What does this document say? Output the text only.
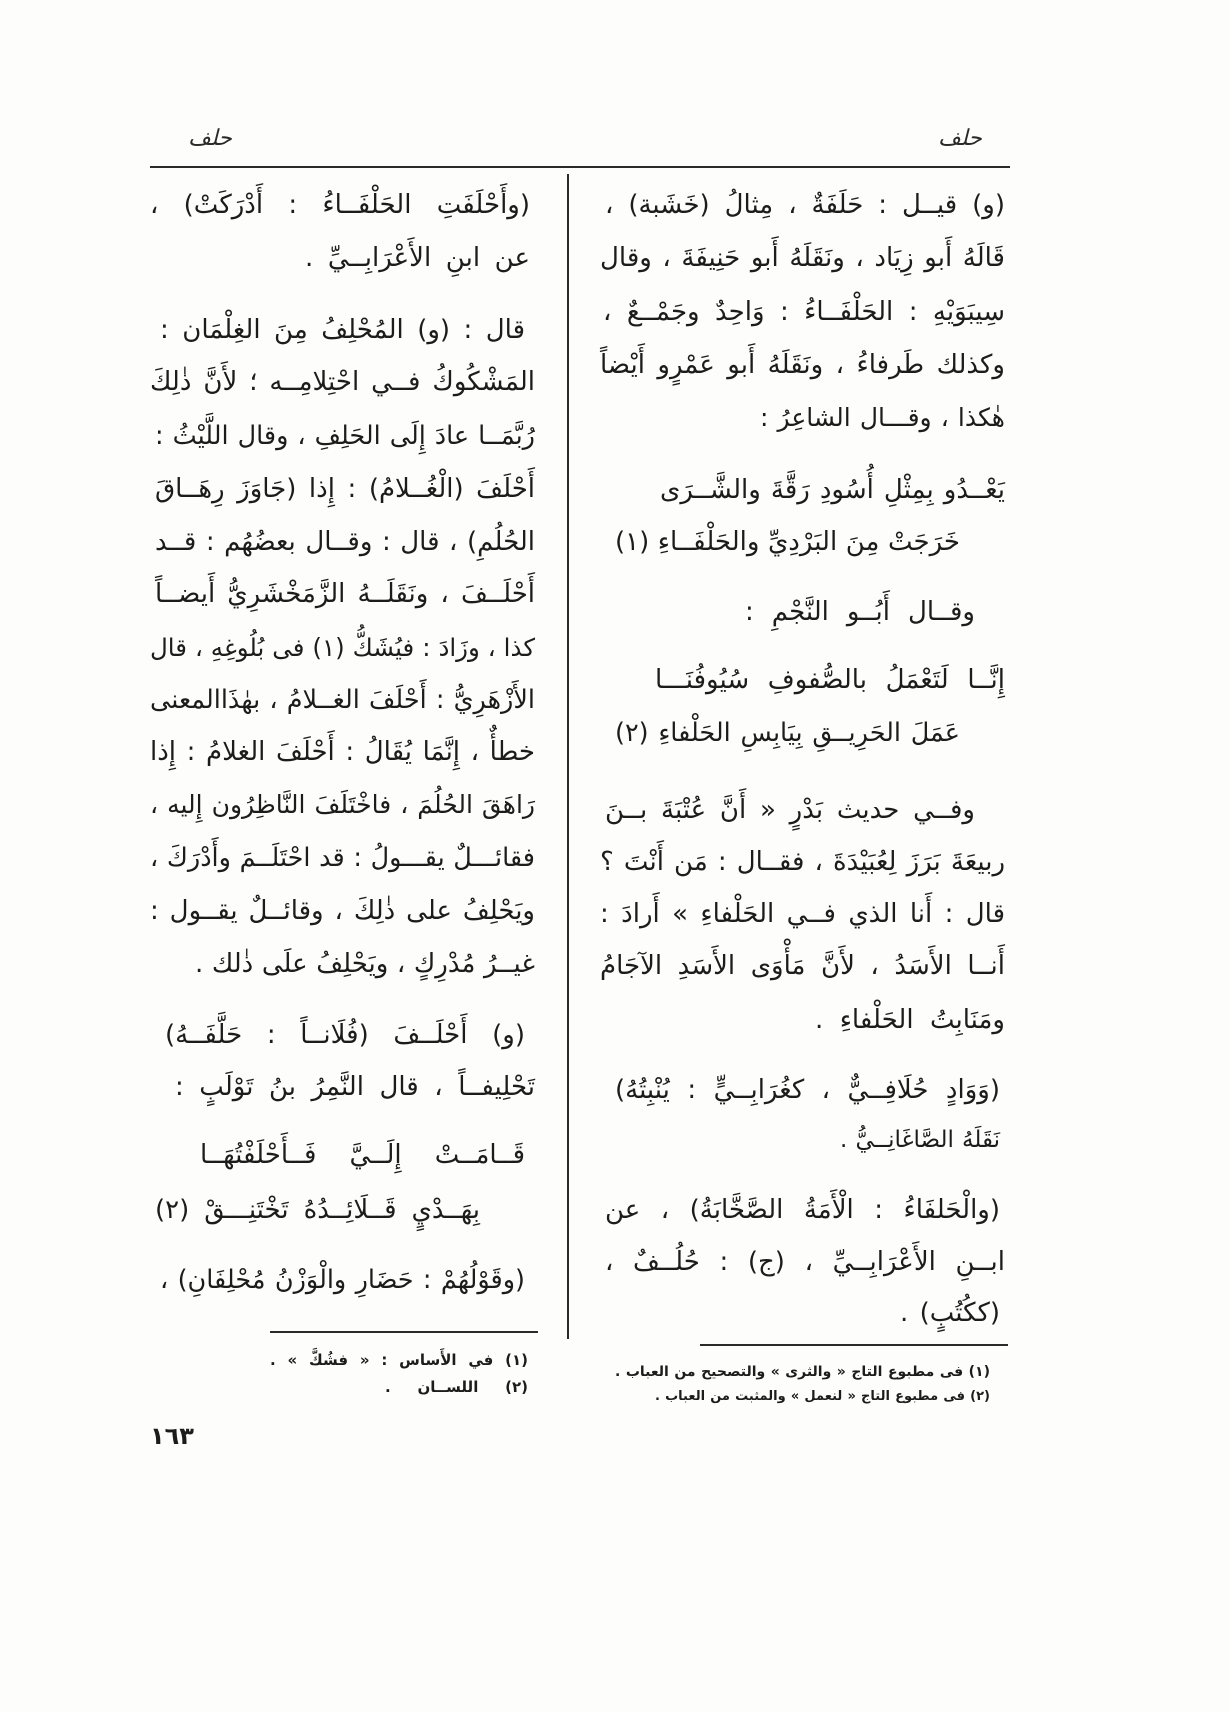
حلف
حلف
(و) قيــل : حَلَفَةٌ ، مِثالُ (خَشَبة) ،
قَالَهُ أَبو زِيَاد ، ونَقَلَهُ أَبو حَنِيفَةَ ، وقال
سِيبَوَيْهِ : الحَلْفَــاءُ : وَاحِدٌ وجَمْــعٌ ،
وكذلك طَرفاءُ ، ونَقَلَهُ أَبو عَمْرٍو أَيْضاً
هٰكذا ، وقـــال الشاعِرُ :
يَعْــدُو بِمِثْلِ أُسُودِ رَقَّةَ والشَّــرَى
خَرَجَتْ مِنَ البَرْدِيِّ والحَلْفَــاءِ (١)
وقــال أَبُــو النَّجْمِ :
إِنَّــا لَتَعْمَلُ بالصُّفوفِ سُيُوفُنَـــا
عَمَلَ الحَرِيــقِ بِيَابِسِ الحَلْفاءِ (٢)
وفــي حديث بَدْرٍ « أَنَّ عُتْبَةَ بــنَ
ربيعَةَ بَرَزَ لِعُبَيْدَةَ ، فقــال : مَن أَنْتَ ؟
قال : أَنا الذي فــي الحَلْفاءِ » أَرادَ :
أَنــا الأَسَدُ ، لأَنَّ مَأْوَى الأَسَدِ الآجَامُ
ومَنَابِتُ الحَلْفاءِ .
(وَوَادٍ حُلَافِــيٌّ ، كغُرَابِــيٍّ : يُنْبِتُهُ)
نَقَلَهُ الصَّاغَانِــيُّ .
(والْحَلفَاءُ : الْأَمَةُ الصَّخَّابَةُ) ، عن
ابــنِ الأَعْرَابِــيِّ ، (ج) : حُلُــفٌ ،
(ككُتُبٍ) .
(١) فى مطبوع التاج « والثرى » والتصحيح من العباب .
(٢) فى مطبوع التاج « لنعمل » والمثبت من العباب .
(وأَحْلَفَتِ الحَلْفَــاءُ : أَدْرَكَتْ) ،
عن ابنِ الأَعْرَابِــيِّ .
قال : (و) المُحْلِفُ مِنَ الغِلْمَان :
المَشْكُوكُ فــي احْتِلامِــه ؛ لأَنَّ ذٰلِكَ
رُبَّمَــا عادَ إِلَى الحَلِفِ ، وقال اللَّيْثُ :
أَحْلَفَ (الْغُــلامُ) : إِذا (جَاوَزَ رِهَــاقَ
الحُلُمِ) ، قال : وقــال بعضُهُم : قــد
أَحْلَــفَ ، ونَقَلَــهُ الزَّمَخْشَرِيُّ أَيضــاً
كذا ، وزَادَ : فيُشَكُّ (١) فى بُلُوغِهِ ، قال
الأَزْهَرِيُّ : أَحْلَفَ الغــلامُ ، بهٰذَاالمعنى
خطأٌ ، إِنَّمَا يُقَالُ : أَحْلَفَ الغلامُ : إِذا
رَاهَقَ الحُلُمَ ، فاخْتَلَفَ النَّاظِرُون إِليه ،
فقائـــلٌ يقـــولُ : قد احْتَلَــمَ وأَدْرَكَ ،
ويَحْلِفُ على ذٰلِكَ ، وقائــلٌ يقــول :
غيــرُ مُدْرِكٍ ، ويَحْلِفُ علَى ذٰلك .
(و) أَحْلَــفَ (فُلَانــاً : حَلَّفَــهُ)
تَحْلِيفــاً ، قال النَّمِرُ بنُ تَوْلَبٍ :
قَــامَــتْ إِلَــيَّ فَــأَحْلَفْتُهَــا
بِهَــدْيٍ قَــلَائِــدُهُ تَخْتَنِـــقْ (٢)
(وقَوْلُهُمْ : حَضَارِ والْوَزْنُ مُحْلِفَانِ) ،
(١) في الأَساس : « فشُكَّ » .
(٢) اللســان .
١٦٣
